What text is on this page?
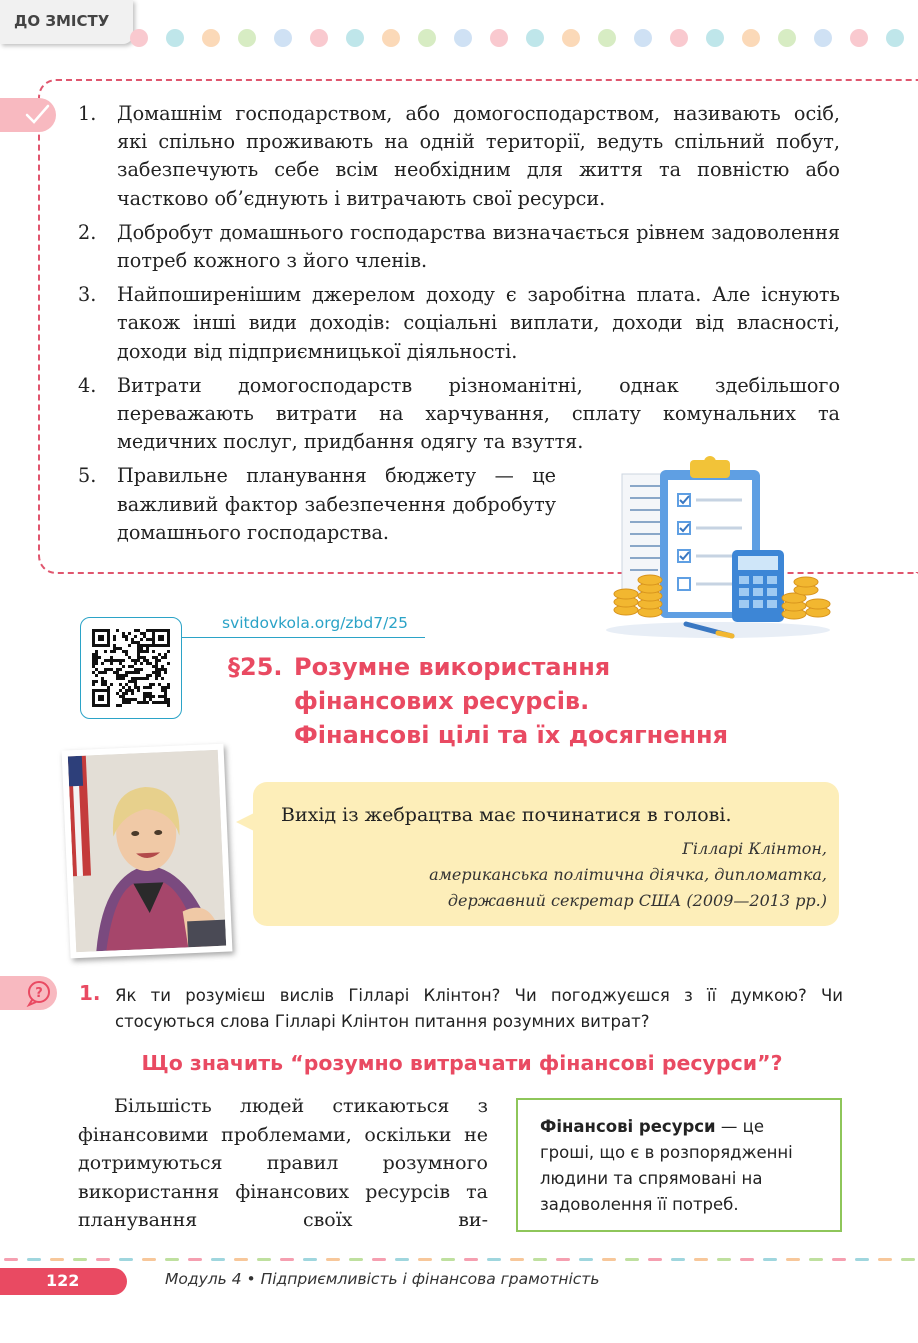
ДО ЗМІСТУ
1. Домашнім господарством, або домогосподарством, називають осіб, які спільно проживають на одній території, ведуть спільний побут, забезпечують себе всім необхідним для життя та повністю або частково об’єднують і витрачають свої ресурси.
2. Добробут домашнього господарства визначається рівнем задоволення потреб кожного з його членів.
3. Найпоширенішим джерелом доходу є заробітна плата. Але існують також інші види доходів: соціальні виплати, доходи від власності, доходи від підприємницької діяльності.
4. Витрати домогосподарств різноманітні, однак здебільшого переважають витрати на харчування, сплату комунальних та медичних послуг, придбання одягу та взуття.
5. Правильне планування бюджету — це важливий фактор забезпечення добробуту домашнього господарства.
svitdovkola.org/zbd7/25
§25. Розумне використання
фінансових ресурсів.
Фінансові цілі та їх досягнення
Вихід із жебрацтва має починатися в голові.
Гілларі Клінтон,
американська політична діячка, дипломатка,
державний секретар США (2009—2013 рр.)
? 1. Як ти розумієш вислів Гілларі Клінтон? Чи погоджуєшся з її думкою? Чи стосуються слова Гілларі Клінтон питання розумних витрат?
Що значить “розумно витрачати фінансові ресурси”?
Більшість людей стикаються з фінансовими проблемами, оскільки не дотримуються правил розумного використання фінансових ресурсів та планування своїх ви-
Фінансові ресурси — це гроші, що є в розпорядженні людини та спрямовані на задоволення її потреб.
122	Модуль 4 • Підприємливість і фінансова грамотність
